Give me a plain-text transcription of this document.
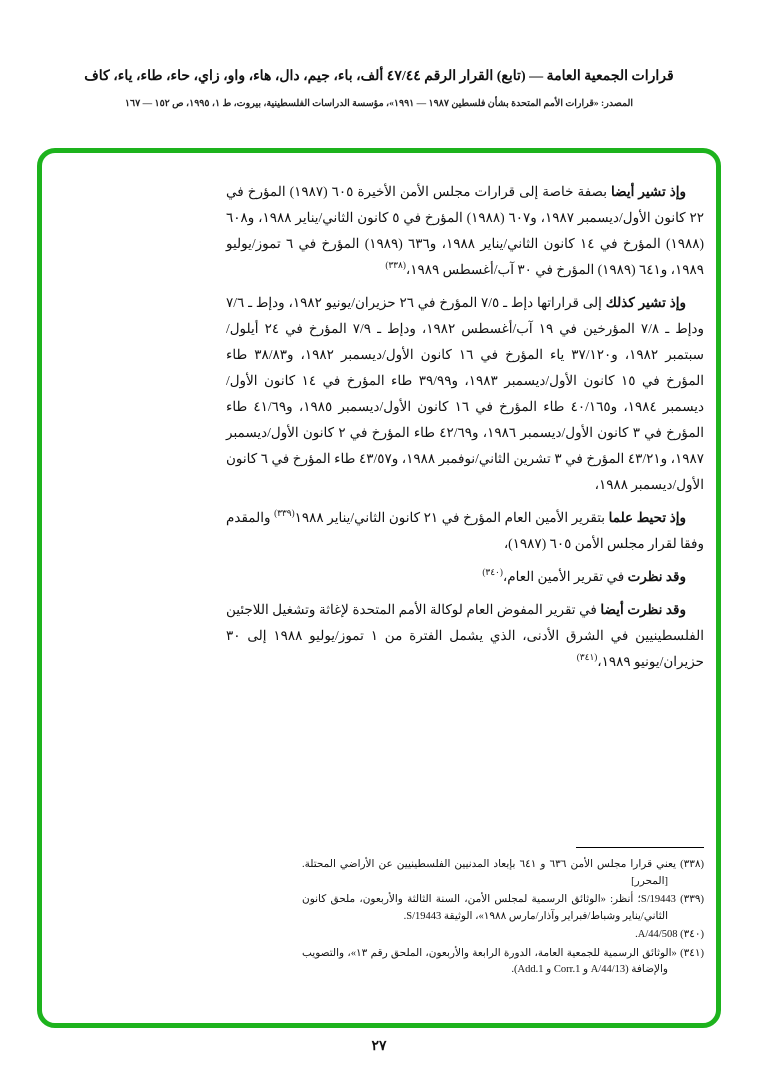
قرارات الجمعية العامة — (تابع) القرار الرقم ٤٧/٤٤ ألف، باء، جيم، دال، هاء، واو، زاي، حاء، طاء، ياء، كاف
المصدر: «قرارات الأمم المتحدة بشأن فلسطين ١٩٨٧ — ١٩٩١»، مؤسسة الدراسات الفلسطينية، بيروت، ط ١، ١٩٩٥، ص ١٥٢ — ١٦٧

وإذ تشير أيضا بصفة خاصة إلى قرارات مجلس الأمن الأخيرة ٦٠٥ (١٩٨٧) المؤرخ في ٢٢ كانون الأول/ديسمبر ١٩٨٧، و٦٠٧ (١٩٨٨) المؤرخ في ٥ كانون الثاني/يناير ١٩٨٨، و٦٠٨ (١٩٨٨) المؤرخ في ١٤ كانون الثاني/يناير ١٩٨٨، و٦٣٦ (١٩٨٩) المؤرخ في ٦ تموز/يوليو ١٩٨٩، و٦٤١ (١٩٨٩) المؤرخ في ٣٠ آب/أغسطس ١٩٨٩،$^{(٣٣٨)}$

وإذ تشير كذلك إلى قراراتها دإط ـ ٧/٥ المؤرخ في ٢٦ حزيران/يونيو ١٩٨٢، ودإط ـ ٧/٦ ودإط ـ ٧/٨ المؤرخين في ١٩ آب/أغسطس ١٩٨٢، ودإط ـ ٧/٩ المؤرخ في ٢٤ أيلول/سبتمبر ١٩٨٢، و٣٧/١٢٠ ياء المؤرخ في ١٦ كانون الأول/ديسمبر ١٩٨٢، و٣٨/٨٣ طاء المؤرخ في ١٥ كانون الأول/ديسمبر ١٩٨٣، و٣٩/٩٩ طاء المؤرخ في ١٤ كانون الأول/ديسمبر ١٩٨٤، و٤٠/١٦٥ طاء المؤرخ في ١٦ كانون الأول/ديسمبر ١٩٨٥، و٤١/٦٩ طاء المؤرخ في ٣ كانون الأول/ديسمبر ١٩٨٦، و٤٢/٦٩ طاء المؤرخ في ٢ كانون الأول/ديسمبر ١٩٨٧، و٤٣/٢١ المؤرخ في ٣ تشرين الثاني/نوفمبر ١٩٨٨، و٤٣/٥٧ طاء المؤرخ في ٦ كانون الأول/ديسمبر ١٩٨٨،

وإذ تحيط علما بتقرير الأمين العام المؤرخ في ٢١ كانون الثاني/يناير ١٩٨٨$^{(٣٣٩)}$ والمقدم وفقا لقرار مجلس الأمن ٦٠٥ (١٩٨٧)،

وقد نظرت في تقرير الأمين العام،$^{(٣٤٠)}$

وقد نظرت أيضا في تقرير المفوض العام لوكالة الأمم المتحدة لإغاثة وتشغيل اللاجئين الفلسطينيين في الشرق الأدنى، الذي يشمل الفترة من ١ تموز/يوليو ١٩٨٨ إلى ٣٠ حزيران/يونيو ١٩٨٩،$^{(٣٤١)}$

(٣٣٨) يعني قرارا مجلس الأمن ٦٣٦ و ٦٤١ بإبعاد المدنيين الفلسطينيين عن الأراضي المحتلة. [المحرر]
(٣٣٩) S/19443؛ أنظر: «الوثائق الرسمية لمجلس الأمن، السنة الثالثة والأربعون، ملحق كانون الثاني/يناير وشباط/فبراير وآذار/مارس ١٩٨٨»، الوثيقة S/19443.
(٣٤٠) A/44/508.
(٣٤١) «الوثائق الرسمية للجمعية العامة، الدورة الرابعة والأربعون، الملحق رقم ١٣»، والتصويب والإضافة (A/44/13 و Corr.1 و Add.1).
٢٧
